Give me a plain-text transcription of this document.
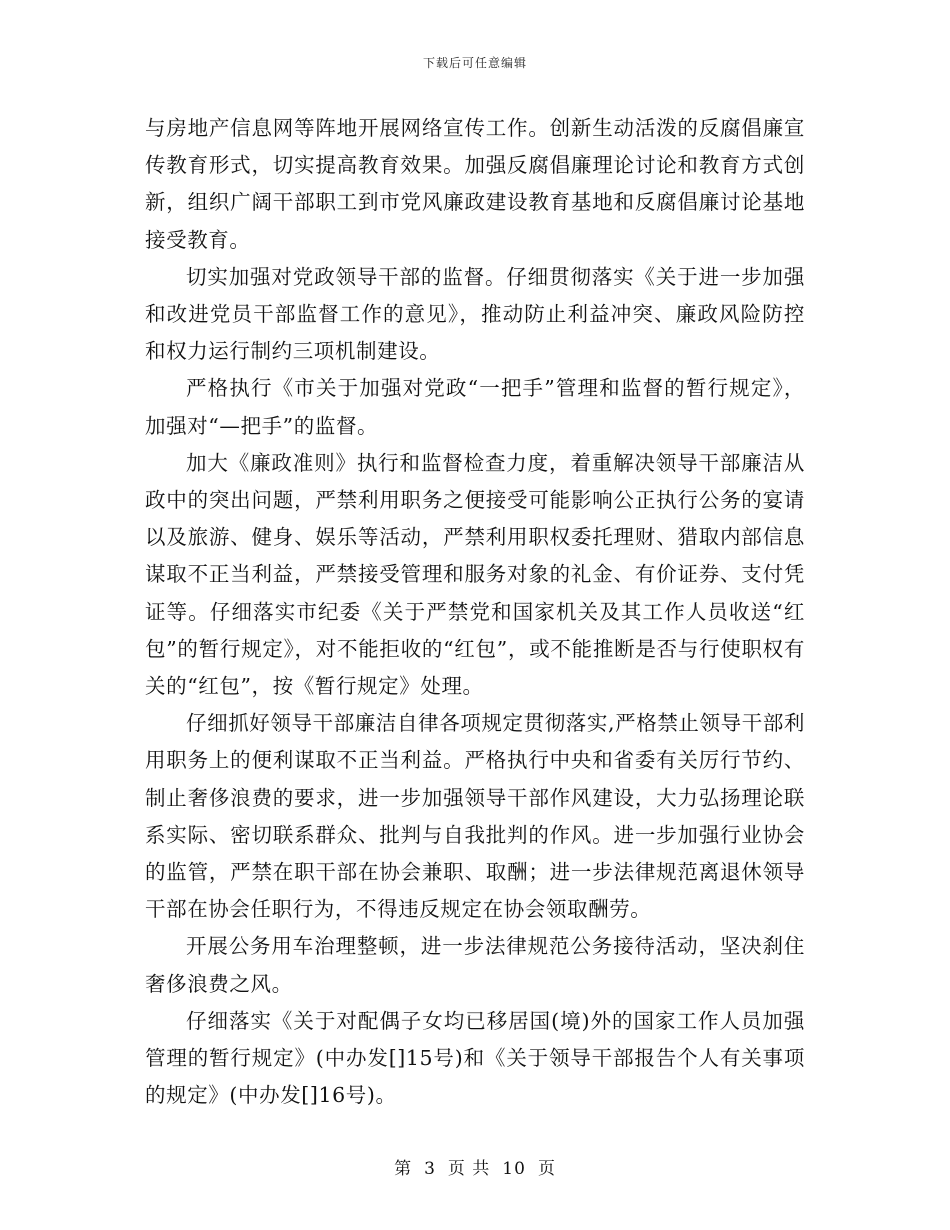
下载后可任意编辑

与房地产信息网等阵地开展网络宣传工作。创新生动活泼的反腐倡廉宣传教育形式，切实提高教育效果。加强反腐倡廉理论讨论和教育方式创新，组织广阔干部职工到市党风廉政建设教育基地和反腐倡廉讨论基地接受教育。

切实加强对党政领导干部的监督。仔细贯彻落实《关于进一步加强和改进党员干部监督工作的意见》，推动防止利益冲突、廉政风险防控和权力运行制约三项机制建设。

严格执行《市关于加强对党政“一把手”管理和监督的暂行规定》，加强对“—把手”的监督。

加大《廉政准则》执行和监督检查力度，着重解决领导干部廉洁从政中的突出问题，严禁利用职务之便接受可能影响公正执行公务的宴请以及旅游、健身、娱乐等活动，严禁利用职权委托理财、猎取内部信息谋取不正当利益，严禁接受管理和服务对象的礼金、有价证券、支付凭证等。仔细落实市纪委《关于严禁党和国家机关及其工作人员收送“红包”的暂行规定》，对不能拒收的“红包”，或不能推断是否与行使职权有关的“红包”，按《暂行规定》处理。

仔细抓好领导干部廉洁自律各项规定贯彻落实,严格禁止领导干部利用职务上的便利谋取不正当利益。严格执行中央和省委有关厉行节约、制止奢侈浪费的要求，进一步加强领导干部作风建设，大力弘扬理论联系实际、密切联系群众、批判与自我批判的作风。进一步加强行业协会的监管，严禁在职干部在协会兼职、取酬；进一步法律规范离退休领导干部在协会任职行为，不得违反规定在协会领取酬劳。

开展公务用车治理整顿，进一步法律规范公务接待活动，坚决刹住奢侈浪费之风。

仔细落实《关于对配偶子女均已移居国(境)外的国家工作人员加强管理的暂行规定》(中办发[]15号)和《关于领导干部报告个人有关事项的规定》(中办发[]16号)。

第 3 页 共 10 页
